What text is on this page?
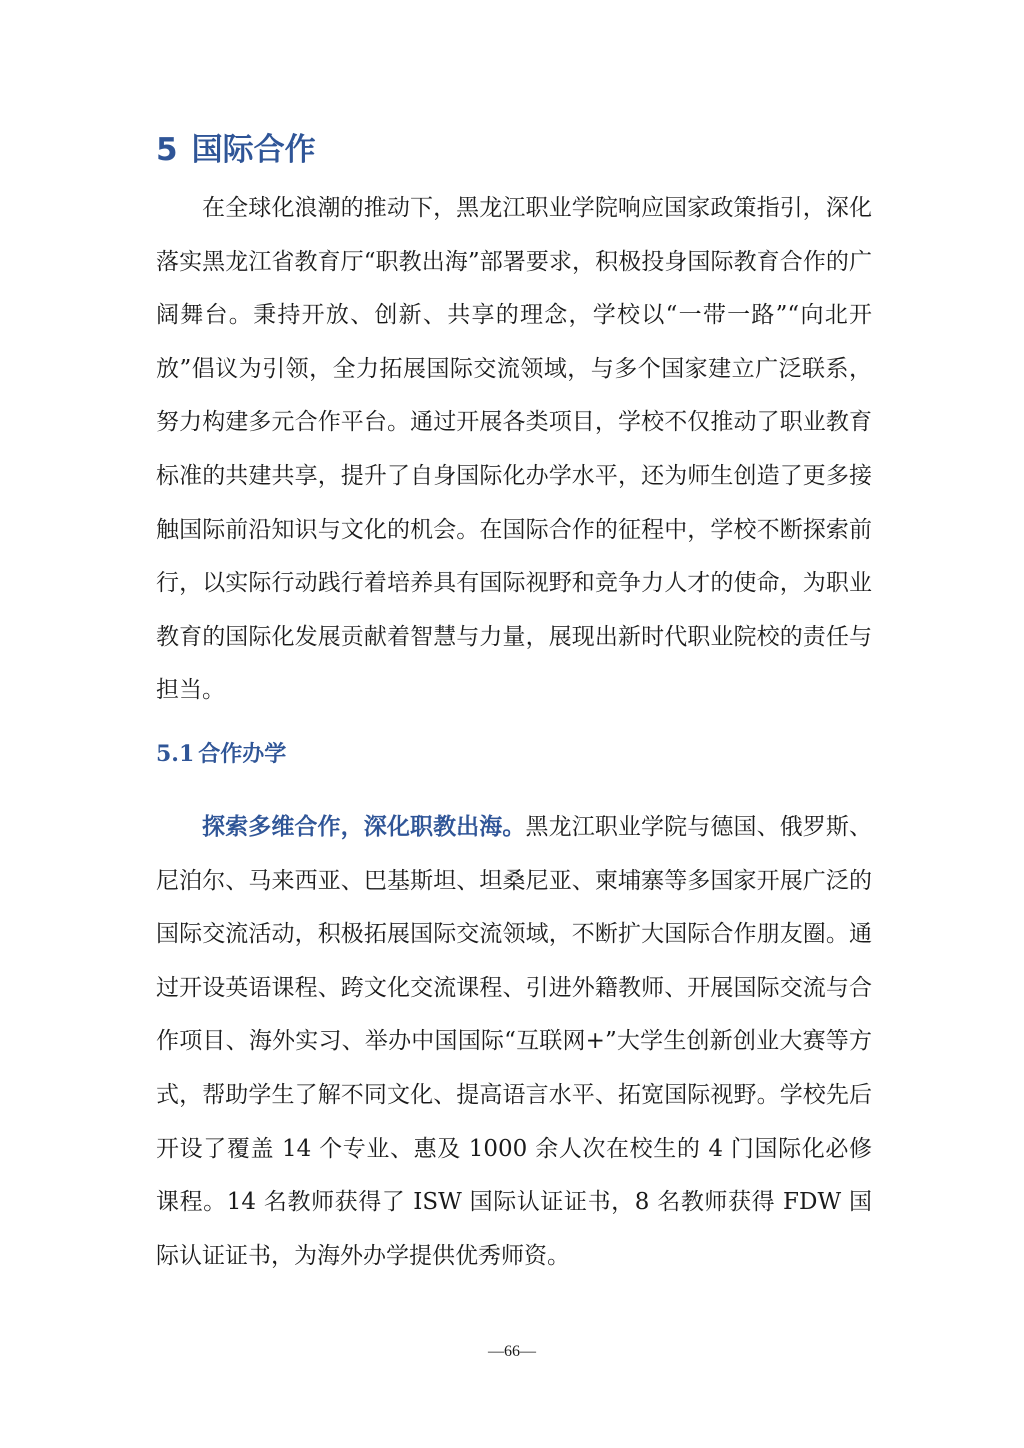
5 国际合作

在全球化浪潮的推动下，黑龙江职业学院响应国家政策指引，深化落实黑龙江省教育厅“职教出海”部署要求，积极投身国际教育合作的广阔舞台。秉持开放、创新、共享的理念，学校以“一带一路”“向北开放”倡议为引领，全力拓展国际交流领域，与多个国家建立广泛联系，努力构建多元合作平台。通过开展各类项目，学校不仅推动了职业教育标准的共建共享，提升了自身国际化办学水平，还为师生创造了更多接触国际前沿知识与文化的机会。在国际合作的征程中，学校不断探索前行，以实际行动践行着培养具有国际视野和竞争力人才的使命，为职业教育的国际化发展贡献着智慧与力量，展现出新时代职业院校的责任与担当。

5.1 合作办学

探索多维合作，深化职教出海。黑龙江职业学院与德国、俄罗斯、尼泊尔、马来西亚、巴基斯坦、坦桑尼亚、柬埔寨等多国家开展广泛的国际交流活动，积极拓展国际交流领域，不断扩大国际合作朋友圈。通过开设英语课程、跨文化交流课程、引进外籍教师、开展国际交流与合作项目、海外实习、举办中国国际“互联网+”大学生创新创业大赛等方式，帮助学生了解不同文化、提高语言水平、拓宽国际视野。学校先后开设了覆盖 14 个专业、惠及 1000 余人次在校生的 4 门国际化必修课程。14 名教师获得了 ISW 国际认证证书，8 名教师获得 FDW 国际认证证书，为海外办学提供优秀师资。

—66—
